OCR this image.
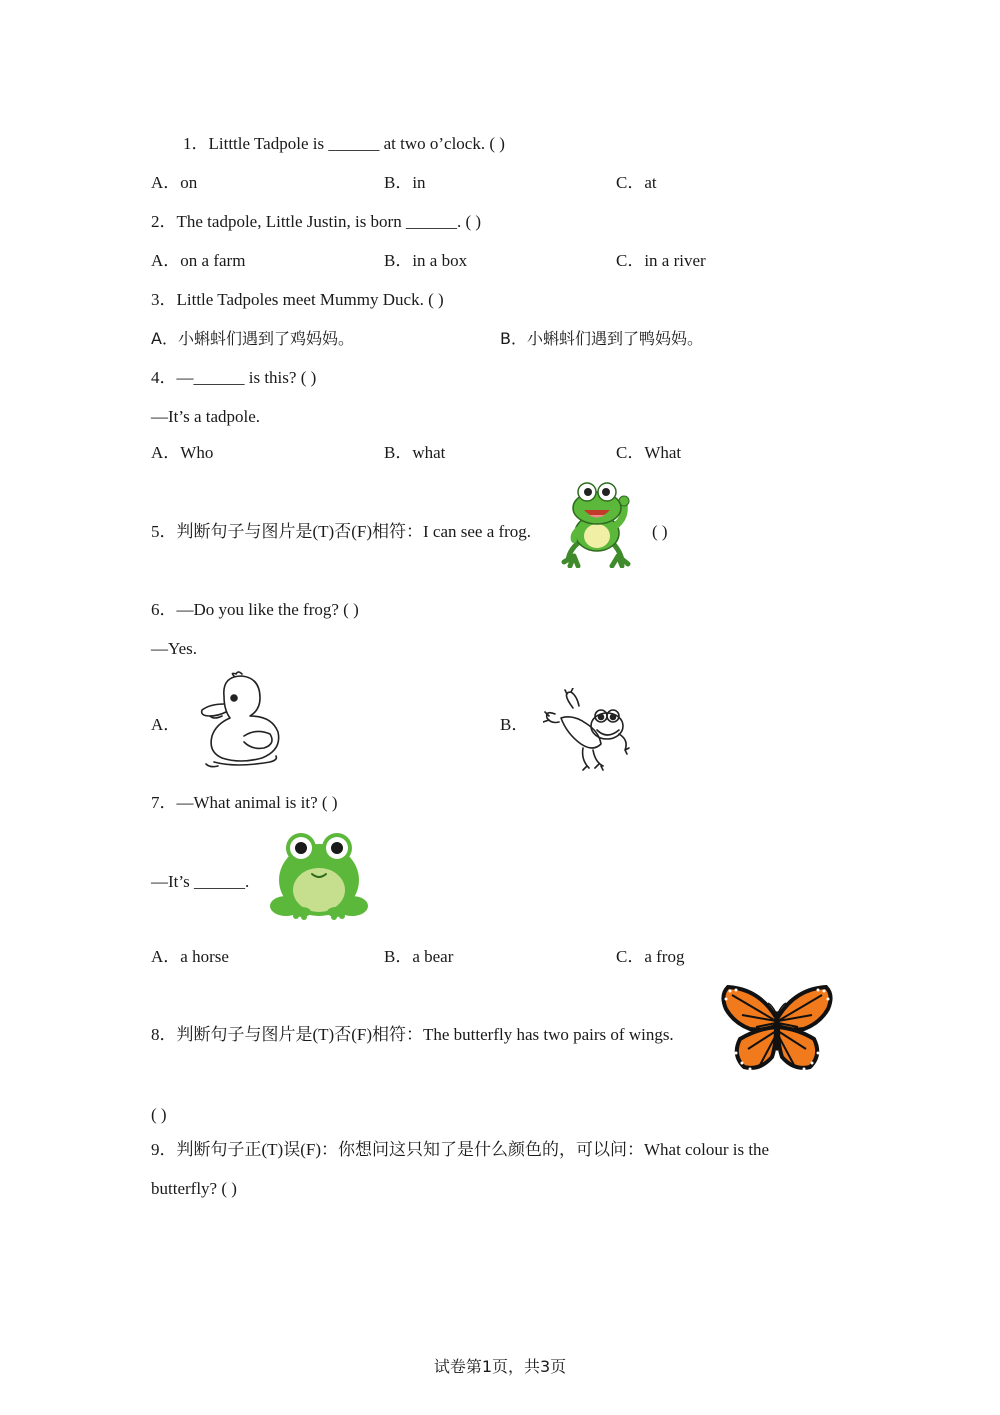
1．Litttle Tadpole is ______ at two o’clock. ( )
A．on	B．in	C．at
2．The tadpole, Little Justin, is born ______. ( )
A．on a farm	B．in a box	C．in a river
3．Little Tadpoles meet Mummy Duck. ( )
A．小蝌蚪们遇到了鸡妈妈。	B．小蝌蚪们遇到了鸭妈妈。
4．—______ is this? ( )
—It’s a tadpole.
A．Who	B．what	C．What
5．判断句子与图片是(T)否(F)相符：I can see a frog.	( )
6．—Do you like the frog? ( )
—Yes.
A．	B．
7．—What animal is it? ( )
—It’s ______.
A．a horse	B．a bear	C．a frog
8．判断句子与图片是(T)否(F)相符：The butterfly has two pairs of wings.
( )
9．判断句子正(T)误(F)：你想问这只知了是什么颜色的，可以问：What colour is the
butterfly? ( )
试卷第1页，共3页
